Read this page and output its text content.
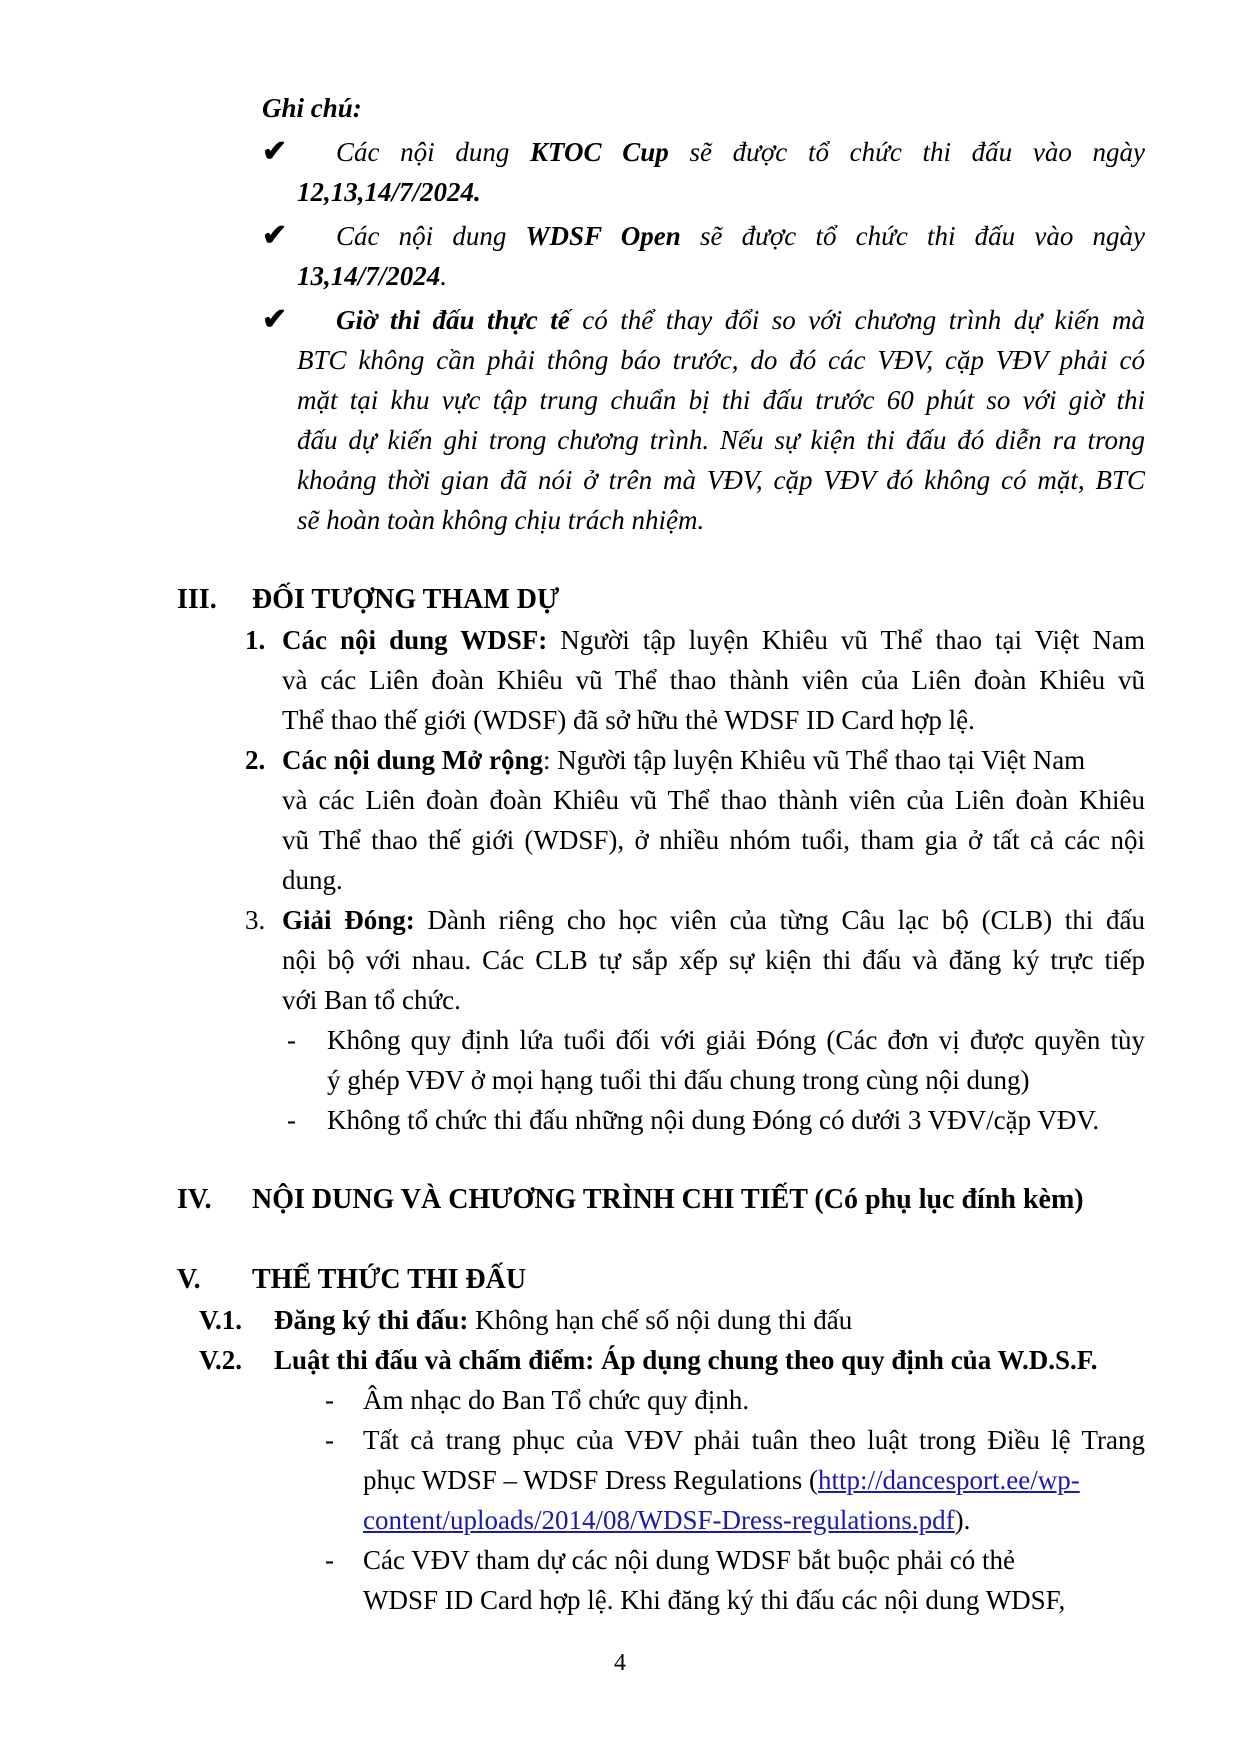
Ghi chú:
✔ Các nội dung KTOC Cup sẽ được tổ chức thi đấu vào ngày
12,13,14/7/2024.
✔ Các nội dung WDSF Open sẽ được tổ chức thi đấu vào ngày
13,14/7/2024.
✔ Giờ thi đấu thực tế có thể thay đổi so với chương trình dự kiến mà
BTC không cần phải thông báo trước, do đó các VĐV, cặp VĐV phải có
mặt tại khu vực tập trung chuẩn bị thi đấu trước 60 phút so với giờ thi
đấu dự kiến ghi trong chương trình. Nếu sự kiện thi đấu đó diễn ra trong
khoảng thời gian đã nói ở trên mà VĐV, cặp VĐV đó không có mặt, BTC
sẽ hoàn toàn không chịu trách nhiệm.
III. ĐỐI TƯỢNG THAM DỰ
1. Các nội dung WDSF: Người tập luyện Khiêu vũ Thể thao tại Việt Nam
và các Liên đoàn Khiêu vũ Thể thao thành viên của Liên đoàn Khiêu vũ
Thể thao thế giới (WDSF) đã sở hữu thẻ WDSF ID Card hợp lệ.
2. Các nội dung Mở rộng: Người tập luyện Khiêu vũ Thể thao tại Việt Nam
và các Liên đoàn đoàn Khiêu vũ Thể thao thành viên của Liên đoàn Khiêu
vũ Thể thao thế giới (WDSF), ở nhiều nhóm tuổi, tham gia ở tất cả các nội
dung.
3. Giải Đóng: Dành riêng cho học viên của từng Câu lạc bộ (CLB) thi đấu
nội bộ với nhau. Các CLB tự sắp xếp sự kiện thi đấu và đăng ký trực tiếp
với Ban tổ chức.
- Không quy định lứa tuổi đối với giải Đóng (Các đơn vị được quyền tùy
ý ghép VĐV ở mọi hạng tuổi thi đấu chung trong cùng nội dung)
- Không tổ chức thi đấu những nội dung Đóng có dưới 3 VĐV/cặp VĐV.
IV. NỘI DUNG VÀ CHƯƠNG TRÌNH CHI TIẾT (Có phụ lục đính kèm)
V. THỂ THỨC THI ĐẤU
V.1. Đăng ký thi đấu: Không hạn chế số nội dung thi đấu
V.2. Luật thi đấu và chấm điểm: Áp dụng chung theo quy định của W.D.S.F.
- Âm nhạc do Ban Tổ chức quy định.
- Tất cả trang phục của VĐV phải tuân theo luật trong Điều lệ Trang
phục WDSF – WDSF Dress Regulations (http://dancesport.ee/wp-
content/uploads/2014/08/WDSF-Dress-regulations.pdf).
- Các VĐV tham dự các nội dung WDSF bắt buộc phải có thẻ
WDSF ID Card hợp lệ. Khi đăng ký thi đấu các nội dung WDSF,
4
